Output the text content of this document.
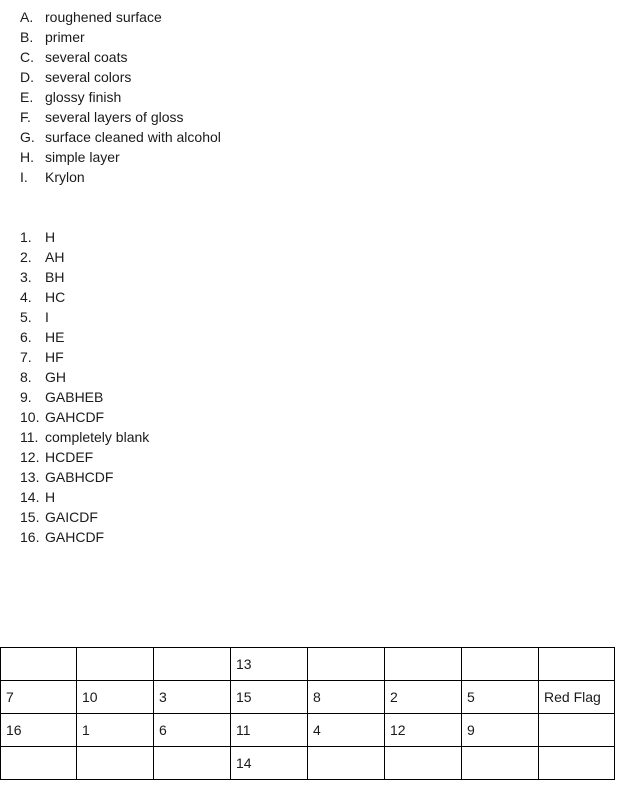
A. roughened surface
B. primer
C. several coats
D. several colors
E. glossy finish
F. several layers of gloss
G. surface cleaned with alcohol
H. simple layer
I. Krylon
1. H
2. AH
3. BH
4. HC
5. I
6. HE
7. HF
8. GH
9. GABHEB
10. GAHCDF
11. completely blank
12. HCDEF
13. GABHCDF
14. H
15. GAICDF
16. GAHCDF
			13				
7	10	3	15	8	2	5	Red Flag
16	1	6	11	4	12	9	
			14				
